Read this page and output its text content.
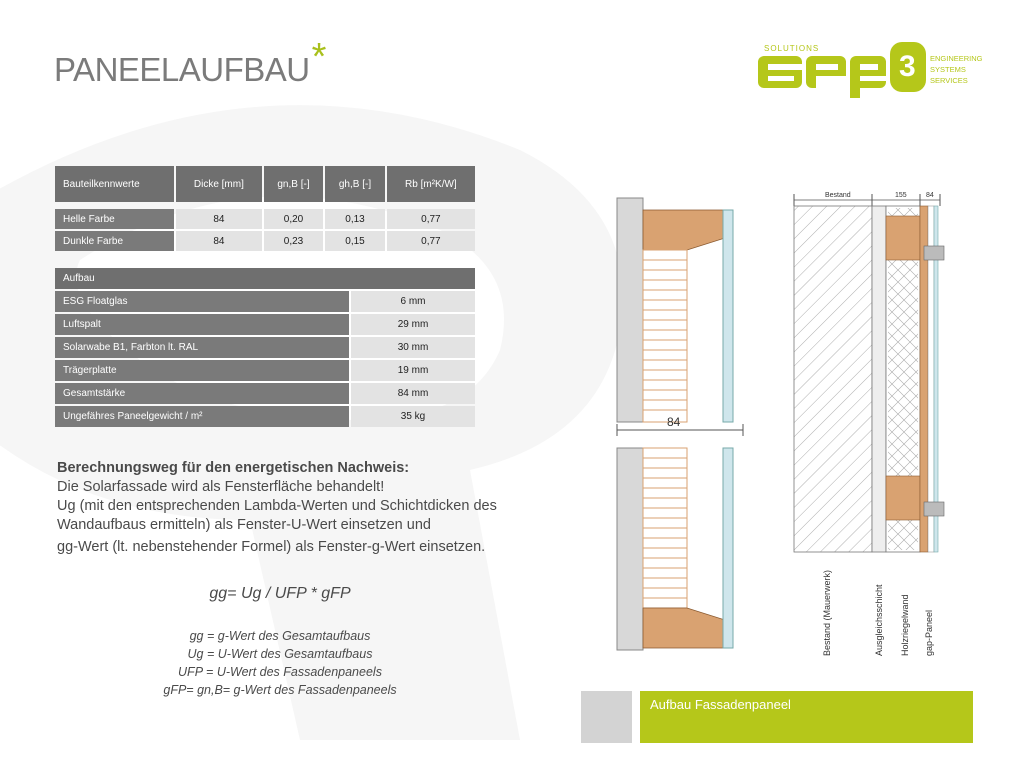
PANEELAUFBAU*	SOLUTIONS
3 ENGINEERING
SYSTEMS
SERVICES
Bauteilkennwerte	Dicke [mm]	gn,B [-]	gh,B [-]	Rb [m²K/W]

Helle Farbe	84	0,20	0,13	0,77
Dunkle Farbe	84	0,23	0,15	0,77
Aufbau	
ESG Floatglas	6 mm
Luftspalt	29 mm
Solarwabe B1, Farbton lt. RAL	30 mm
Trägerplatte	19 mm
Gesamtstärke	84 mm
Ungefähres Paneelgewicht / m²	35 kg
Berechnungsweg für den energetischen Nachweis:
Die Solarfassade wird als Fensterfläche behandelt!
Ug (mit den entsprechenden Lambda-Werten und Schichtdicken des Wandaufbaus ermitteln) als Fenster-U-Wert einsetzen und
gg-Wert (lt. nebenstehender Formel) als Fenster-g-Wert einsetzen.
gg= Ug / UFP * gFP
gg = g-Wert des Gesamtaufbaus
Ug = U-Wert des Gesamtaufbaus
UFP = U-Wert des Fassadenpaneels
gFP= gn,B= g-Wert des Fassadenpaneels
84
Bestand	155	84
Bestand (Mauerwerk)	Ausgleichsschicht Holzriegelwand gap-Paneel
Aufbau Fassadenpaneel
